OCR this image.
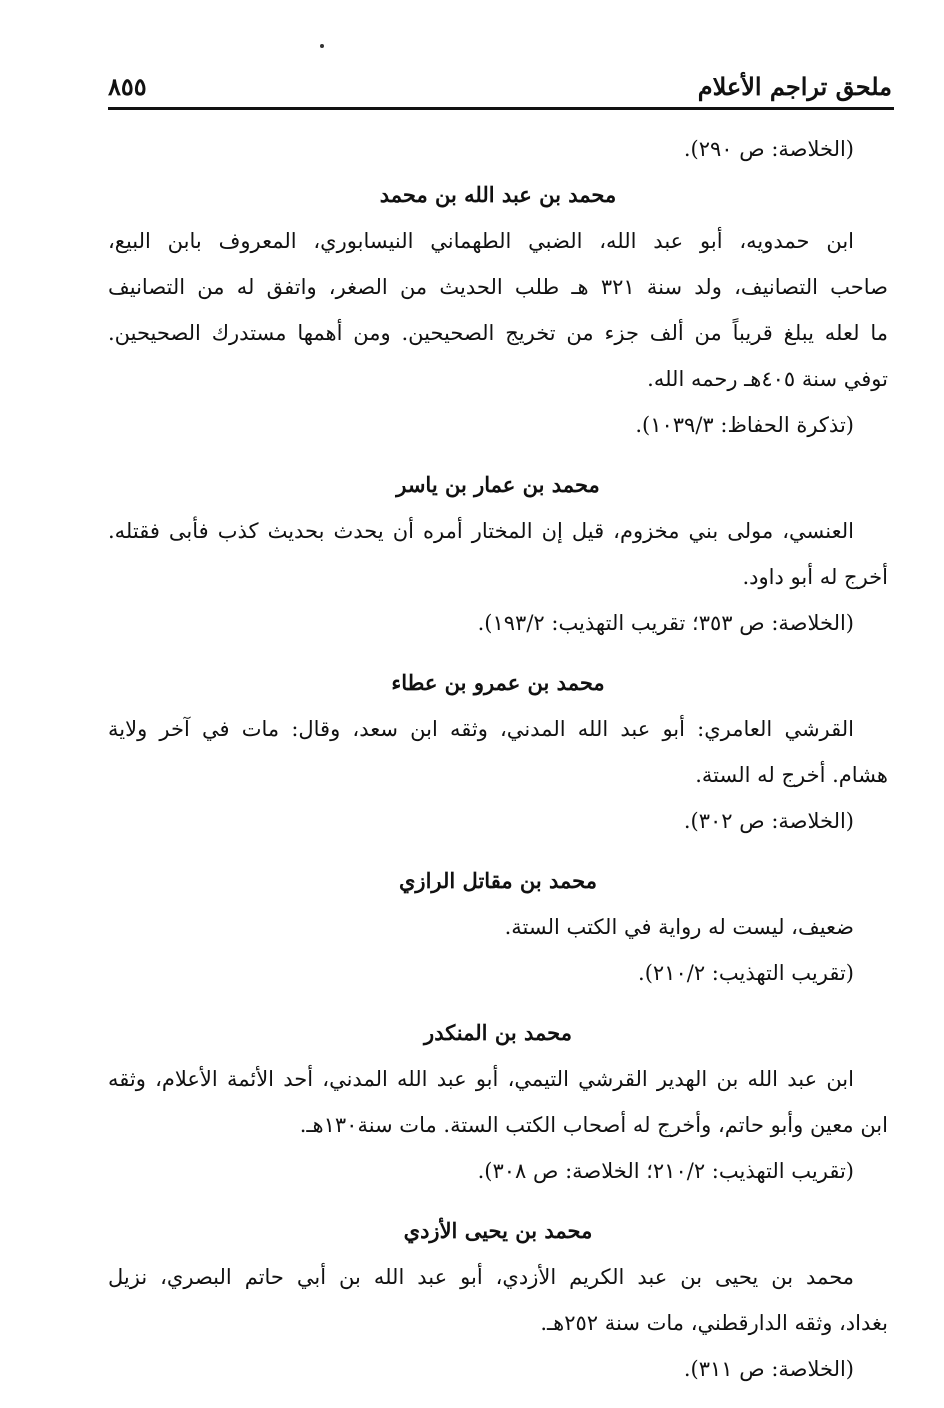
ملحق تراجم الأعلام
٨٥٥
(الخلاصة: ص ٢٩٠).
محمد بن عبد الله بن محمد
ابن حمدويه، أبو عبد الله، الضبي الطهماني النيسابوري، المعروف بابن البيع،
صاحب التصانيف، ولد سنة ٣٢١ هـ طلب الحديث من الصغر، واتفق له من التصانيف
ما لعله يبلغ قريباً من ألف جزء من تخريج الصحيحين. ومن أهمها مستدرك الصحيحين.
توفي سنة ٤٠٥هـ رحمه الله.
(تذكرة الحفاظ: ١٠٣٩/٣).
محمد بن عمار بن ياسر
العنسي، مولى بني مخزوم، قيل إن المختار أمره أن يحدث بحديث كذب فأبى فقتله.
أخرج له أبو داود.
(الخلاصة: ص ٣٥٣؛ تقريب التهذيب: ١٩٣/٢).
محمد بن عمرو بن عطاء
القرشي العامري: أبو عبد الله المدني، وثقه ابن سعد، وقال: مات في آخر ولاية
هشام. أخرج له الستة.
(الخلاصة: ص ٣٠٢).
محمد بن مقاتل الرازي
ضعيف، ليست له رواية في الكتب الستة.
(تقريب التهذيب: ٢١٠/٢).
محمد بن المنكدر
ابن عبد الله بن الهدير القرشي التيمي، أبو عبد الله المدني، أحد الأئمة الأعلام، وثقه
ابن معين وأبو حاتم، وأخرج له أصحاب الكتب الستة. مات سنة١٣٠هـ.
(تقريب التهذيب: ٢١٠/٢؛ الخلاصة: ص ٣٠٨).
محمد بن يحيى الأزدي
محمد بن يحيى بن عبد الكريم الأزدي، أبو عبد الله بن أبي حاتم البصري، نزيل
بغداد، وثقه الدارقطني، مات سنة ٢٥٢هـ.
(الخلاصة: ص ٣١١).
